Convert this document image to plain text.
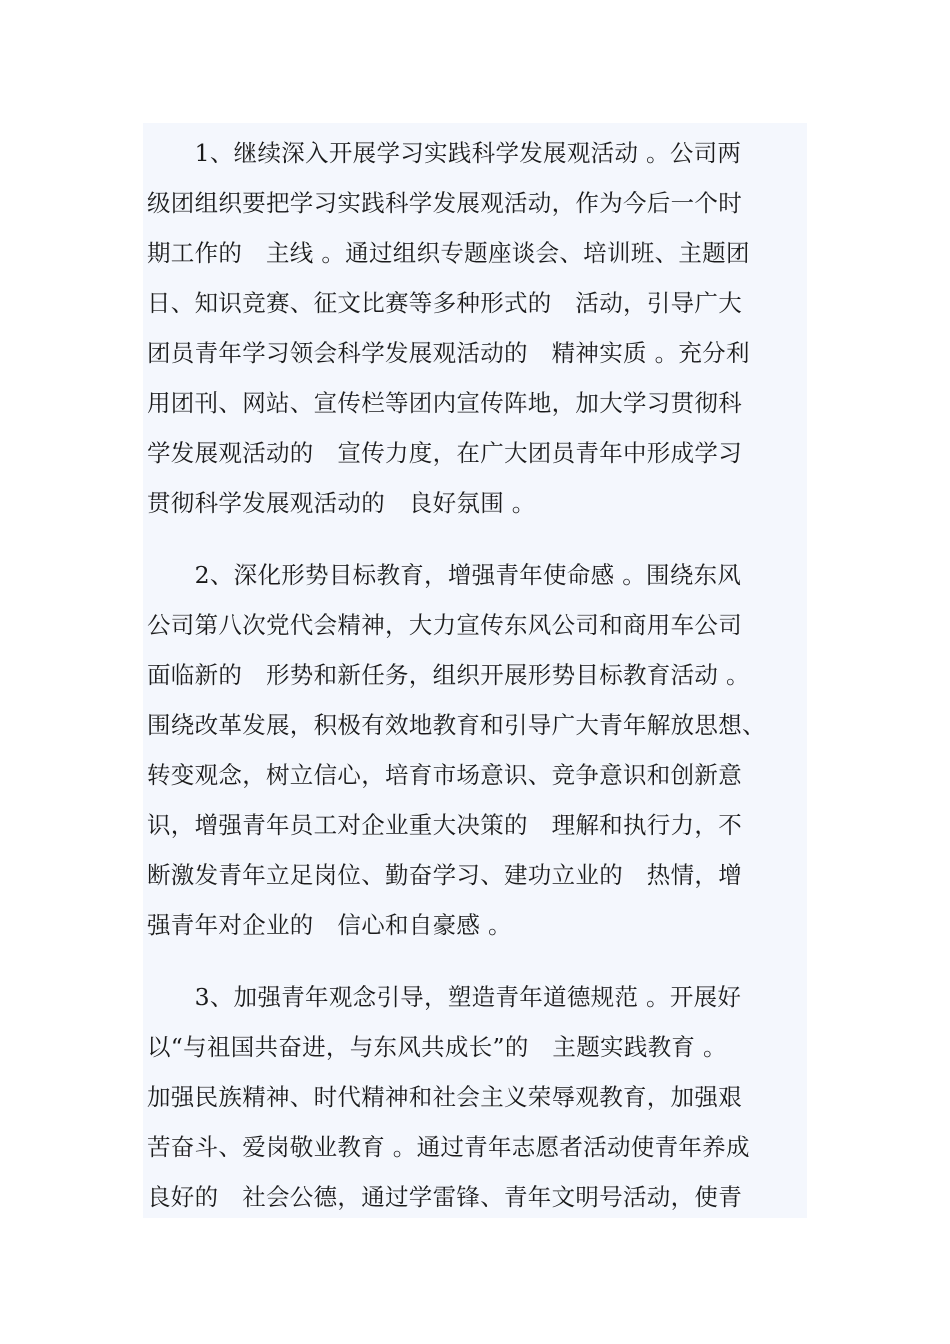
　　1、继续深入开展学习实践科学发展观活动 。公司两
级团组织要把学习实践科学发展观活动，作为今后一个时
期工作的　主线 。通过组织专题座谈会、培训班、主题团
日、知识竞赛、征文比赛等多种形式的　活动，引导广大
团员青年学习领会科学发展观活动的　精神实质 。充分利
用团刊、网站、宣传栏等团内宣传阵地，加大学习贯彻科
学发展观活动的　宣传力度，在广大团员青年中形成学习
贯彻科学发展观活动的　良好氛围 。
　　2、深化形势目标教育，增强青年使命感 。围绕东风
公司第八次党代会精神，大力宣传东风公司和商用车公司
面临新的　形势和新任务，组织开展形势目标教育活动 。
围绕改革发展，积极有效地教育和引导广大青年解放思想、
转变观念，树立信心，培育市场意识、竞争意识和创新意
识，增强青年员工对企业重大决策的　理解和执行力，不
断激发青年立足岗位、勤奋学习、建功立业的　热情，增
强青年对企业的　信心和自豪感 。
　　3、加强青年观念引导，塑造青年道德规范 。开展好
以“与祖国共奋进，与东风共成长”的　主题实践教育 。
加强民族精神、时代精神和社会主义荣辱观教育，加强艰
苦奋斗、爱岗敬业教育 。通过青年志愿者活动使青年养成
良好的　社会公德，通过学雷锋、青年文明号活动，使青
